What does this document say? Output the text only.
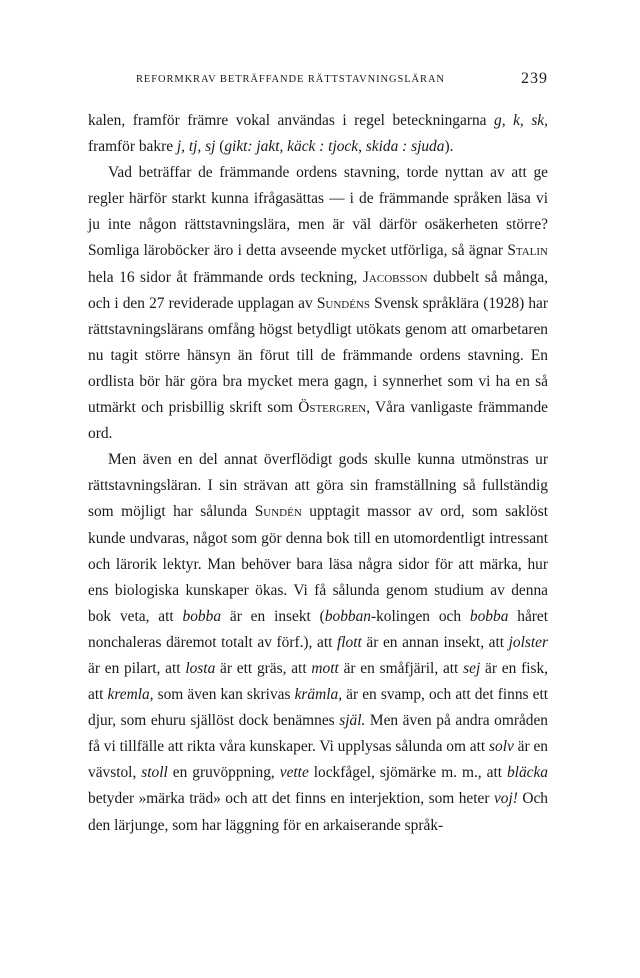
REFORMKRAV BETRÄFFANDE RÄTTSTAVNINGSLÄRAN	239

kalen, framför främre vokal användas i regel beteckningarna g, k, sk, framför bakre j, tj, sj (gikt: jakt, käck : tjock, skida : sjuda).

Vad beträffar de främmande ordens stavning, torde nyttan av att ge regler härför starkt kunna ifrågasättas — i de främmande språken läsa vi ju inte någon rättstavningslära, men är väl därför osäkerheten större? Somliga läroböcker äro i detta avseende mycket utförliga, så ägnar Stalin hela 16 sidor åt främmande ords teckning, Jacobsson dubbelt så många, och i den 27 reviderade upplagan av Sundéns Svensk språklära (1928) har rättstavningslärans omfång högst betydligt utökats genom att omarbetaren nu tagit större hänsyn än förut till de främmande ordens stavning. En ordlista bör här göra bra mycket mera gagn, i synnerhet som vi ha en så utmärkt och prisbillig skrift som Östergren, Våra vanligaste främmande ord.

Men även en del annat överflödigt gods skulle kunna utmönstras ur rättstavningsläran. I sin strävan att göra sin framställning så fullständig som möjligt har sålunda Sundén upptagit massor av ord, som saklöst kunde undvaras, något som gör denna bok till en utomordentligt intressant och lärorik lektyr. Man behöver bara läsa några sidor för att märka, hur ens biologiska kunskaper ökas. Vi få sålunda genom studium av denna bok veta, att bobba är en insekt (bobban-kolingen och bobba håret nonchaleras däremot totalt av förf.), att flott är en annan insekt, att jolster är en pilart, att losta är ett gräs, att mott är en småfjäril, att sej är en fisk, att kremla, som även kan skrivas krämla, är en svamp, och att det finns ett djur, som ehuru själlöst dock benämnes själ. Men även på andra områden få vi tillfälle att rikta våra kunskaper. Vi upplysas sålunda om att solv är en vävstol, stoll en gruvöppning, vette lockfågel, sjömärke m. m., att bläcka betyder »märka träd» och att det finns en interjektion, som heter voj! Och den lärjunge, som har läggning för en arkaiserande språk-
